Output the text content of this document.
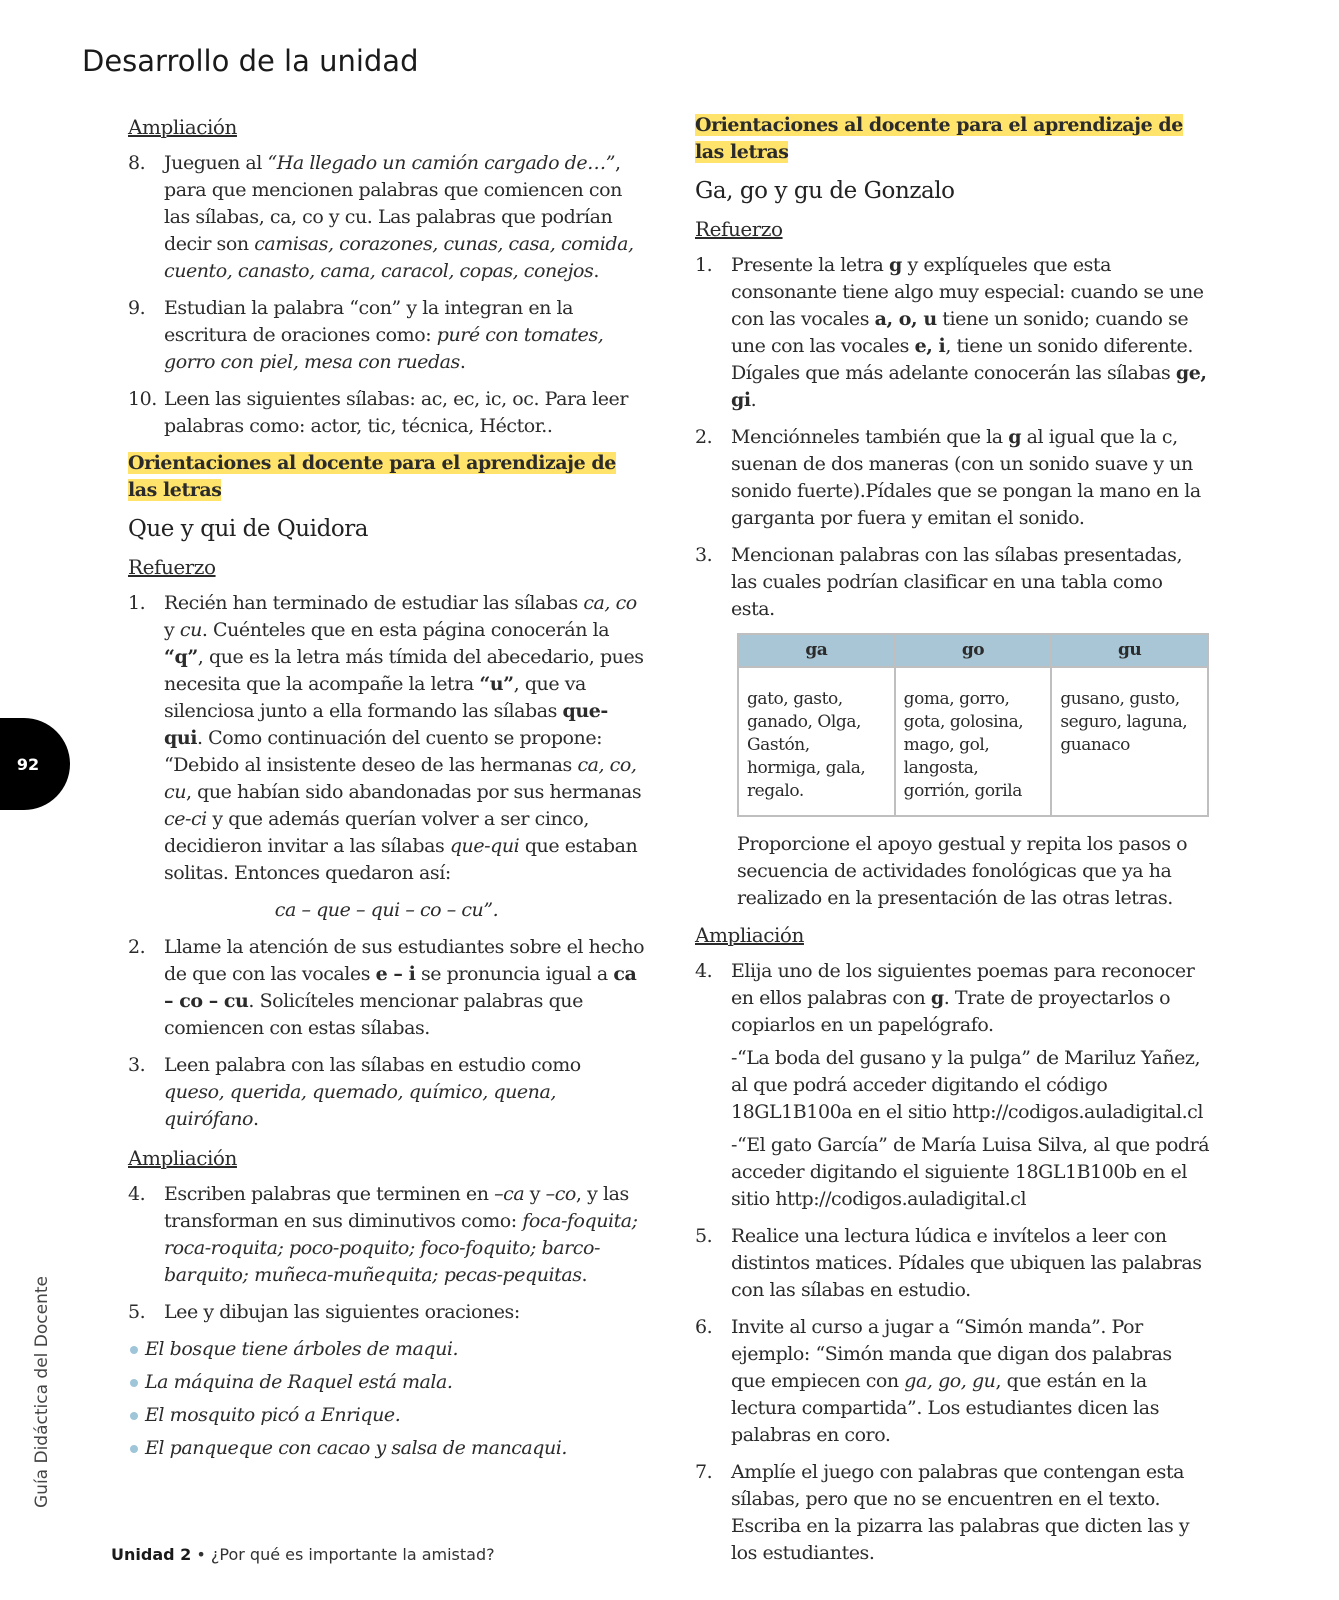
Desarrollo de la unidad
92
Guía Didáctica del Docente
Ampliación
8. Jueguen al “Ha llegado un camión cargado de…”, para que mencionen palabras que comiencen con las sílabas, ca, co y cu. Las palabras que podrían decir son camisas, corazones, cunas, casa, comida, cuento, canasto, cama, caracol, copas, conejos.
9. Estudian la palabra “con” y la integran en la escritura de oraciones como: puré con tomates, gorro con piel, mesa con ruedas.
10. Leen las siguientes sílabas: ac, ec, ic, oc. Para leer palabras como: actor, tic, técnica, Héctor..
Orientaciones al docente para el aprendizaje de las letras
Que y qui de Quidora
Refuerzo
1. Recién han terminado de estudiar las sílabas ca, co y cu. Cuénteles que en esta página conocerán la “q”, que es la letra más tímida del abecedario, pues necesita que la acompañe la letra “u”, que va silenciosa junto a ella formando las sílabas que-qui. Como continuación del cuento se propone: “Debido al insistente deseo de las hermanas ca, co, cu, que habían sido abandonadas por sus hermanas ce-ci y que además querían volver a ser cinco, decidieron invitar a las sílabas que-qui que estaban solitas. Entonces quedaron así:
ca – que – qui – co – cu”.
2. Llame la atención de sus estudiantes sobre el hecho de que con las vocales e – i se pronuncia igual a ca – co – cu. Solicíteles mencionar palabras que comiencen con estas sílabas.
3. Leen palabra con las sílabas en estudio como queso, querida, quemado, químico, quena, quirófano.
Ampliación
4. Escriben palabras que terminen en –ca y –co, y las transforman en sus diminutivos como: foca-foquita; roca-roquita; poco-poquito; foco-foquito; barco-barquito; muñeca-muñequita; pecas-pequitas.
5. Lee y dibujan las siguientes oraciones:
El bosque tiene árboles de maqui.
La máquina de Raquel está mala.
El mosquito picó a Enrique.
El panqueque con cacao y salsa de mancaqui.
Orientaciones al docente para el aprendizaje de las letras
Ga, go y gu de Gonzalo
Refuerzo
1. Presente la letra g y explíqueles que esta consonante tiene algo muy especial: cuando se une con las vocales a, o, u tiene un sonido; cuando se une con las vocales e, i, tiene un sonido diferente. Dígales que más adelante conocerán las sílabas ge, gi.
2. Menciónneles también que la g al igual que la c, suenan de dos maneras (con un sonido suave y un sonido fuerte).Pídales que se pongan la mano en la garganta por fuera y emitan el sonido.
3. Mencionan palabras con las sílabas presentadas, las cuales podrían clasificar en una tabla como esta.
ga	go	gu
gato, gasto, ganado, Olga, Gastón, hormiga, gala, regalo.	goma, gorro, gota, golosina, mago, gol, langosta, gorrión, gorila	gusano, gusto, seguro, laguna, guanaco
Proporcione el apoyo gestual y repita los pasos o secuencia de actividades fonológicas que ya ha realizado en la presentación de las otras letras.
Ampliación
4. Elija uno de los siguientes poemas para reconocer en ellos palabras con g. Trate de proyectarlos o copiarlos en un papelógrafo.

-“La boda del gusano y la pulga” de Mariluz Yañez, al que podrá acceder digitando el código 18GL1B100a en el sitio http://codigos.auladigital.cl

-“El gato García” de María Luisa Silva, al que podrá acceder digitando el siguiente 18GL1B100b en el sitio http://codigos.auladigital.cl

5. Realice una lectura lúdica e invítelos a leer con distintos matices. Pídales que ubiquen las palabras con las sílabas en estudio.
6. Invite al curso a jugar a “Simón manda”. Por ejemplo: “Simón manda que digan dos palabras que empiecen con ga, go, gu, que están en la lectura compartida”. Los estudiantes dicen las palabras en coro.
7. Amplíe el juego con palabras que contengan esta sílabas, pero que no se encuentren en el texto. Escriba en la pizarra las palabras que dicten las y los estudiantes.
Unidad 2 • ¿Por qué es importante la amistad?
